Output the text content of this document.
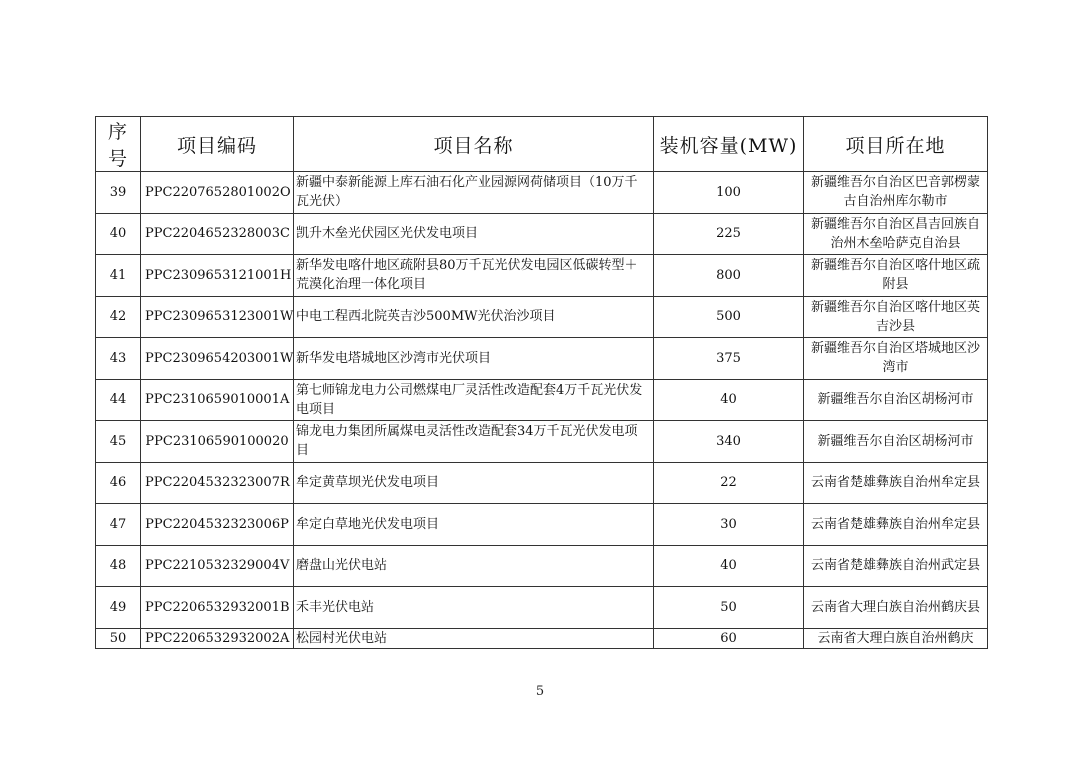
序号	项目编码	项目名称	装机容量(MW)	项目所在地
39	PPC2207652801002O	新疆中泰新能源上库石油石化产业园源网荷储项目（10万千瓦光伏）	100	新疆维吾尔自治区巴音郭楞蒙古自治州库尔勒市
40	PPC2204652328003C	凯升木垒光伏园区光伏发电项目	225	新疆维吾尔自治区昌吉回族自治州木垒哈萨克自治县
41	PPC2309653121001H	新华发电喀什地区疏附县80万千瓦光伏发电园区低碳转型＋荒漠化治理一体化项目	800	新疆维吾尔自治区喀什地区疏附县
42	PPC2309653123001W	中电工程西北院英吉沙500MW光伏治沙项目	500	新疆维吾尔自治区喀什地区英吉沙县
43	PPC2309654203001W	新华发电塔城地区沙湾市光伏项目	375	新疆维吾尔自治区塔城地区沙湾市
44	PPC2310659010001A	第七师锦龙电力公司燃煤电厂灵活性改造配套4万千瓦光伏发电项目	40	新疆维吾尔自治区胡杨河市
45	PPC23106590100020	锦龙电力集团所属煤电灵活性改造配套34万千瓦光伏发电项目	340	新疆维吾尔自治区胡杨河市
46	PPC2204532323007R	牟定黄草坝光伏发电项目	22	云南省楚雄彝族自治州牟定县
47	PPC2204532323006P	牟定白草地光伏发电项目	30	云南省楚雄彝族自治州牟定县
48	PPC2210532329004V	磨盘山光伏电站	40	云南省楚雄彝族自治州武定县
49	PPC2206532932001B	禾丰光伏电站	50	云南省大理白族自治州鹤庆县
50	PPC2206532932002A	松园村光伏电站	60	云南省大理白族自治州鹤庆
5
